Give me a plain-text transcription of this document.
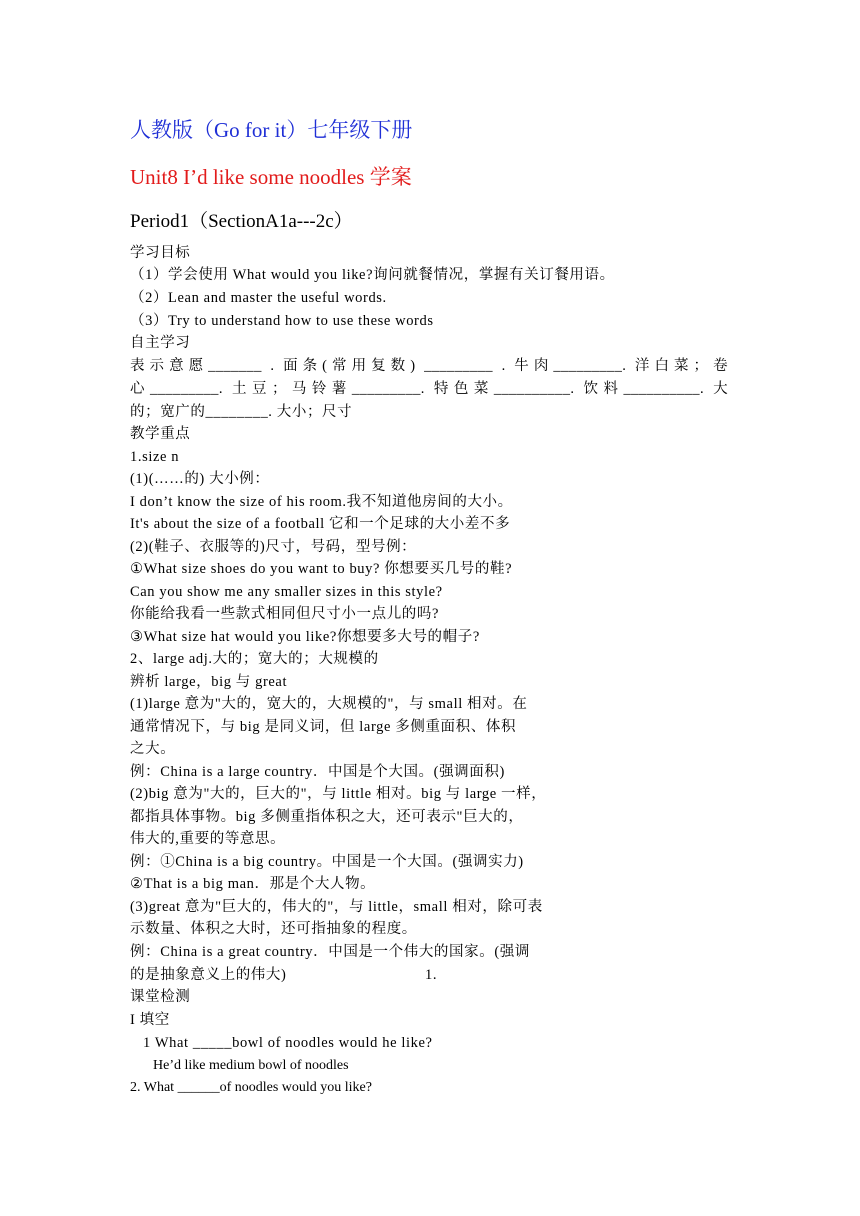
人教版（Go for it）七年级下册
Unit8 I’d like some noodles 学案
Period1（SectionA1a---2c）
学习目标
（1）学会使用 What would you like?询问就餐情况，掌握有关订餐用语。
（2）Lean and master the useful words.
（3）Try to understand how to use these words
自主学习
表示意愿_______ . 面条(常用复数) _________ . 牛肉_________. 洋白菜；卷
心_________. 土豆；马铃薯_________. 特色菜__________. 饮料__________. 大
的；宽广的________. 大小；尺寸
教学重点
1.size n
(1)(……的) 大小例：
I don’t know the size of his room.我不知道他房间的大小。
It's about the size of a football 它和一个足球的大小差不多
(2)(鞋子、衣服等的)尺寸，号码，型号例：
①What size shoes do you want to buy? 你想要买几号的鞋?
Can you show me any smaller sizes in this style?
你能给我看一些款式相同但尺寸小一点儿的吗?
③What size hat would you like?你想要多大号的帽子?
2、large adj.大的；宽大的；大规模的
辨析 large，big 与 great
(1)large 意为"大的，宽大的，大规模的"，与 small 相对。在
通常情况下，与 big 是同义词，但 large 多侧重面积、体积
之大。
例：China is a large country．中国是个大国。(强调面积)
(2)big 意为"大的，巨大的"，与 little 相对。big 与 large 一样，
都指具体事物。big 多侧重指体积之大，还可表示"巨大的，
伟大的,重要的等意思。
例：①China is a big country。中国是一个大国。(强调实力)
②That is a big man．那是个大人物。
(3)great 意为"巨大的，伟大的"，与 little，small 相对，除可表
示数量、体积之大时，还可指抽象的程度。
例：China is a great country．中国是一个伟大的国家。(强调
的是抽象意义上的伟大)	1.
课堂检测
I 填空
1 What _____bowl of noodles would he like?
He’d like medium bowl of noodles
2. What ______of noodles would you like?
